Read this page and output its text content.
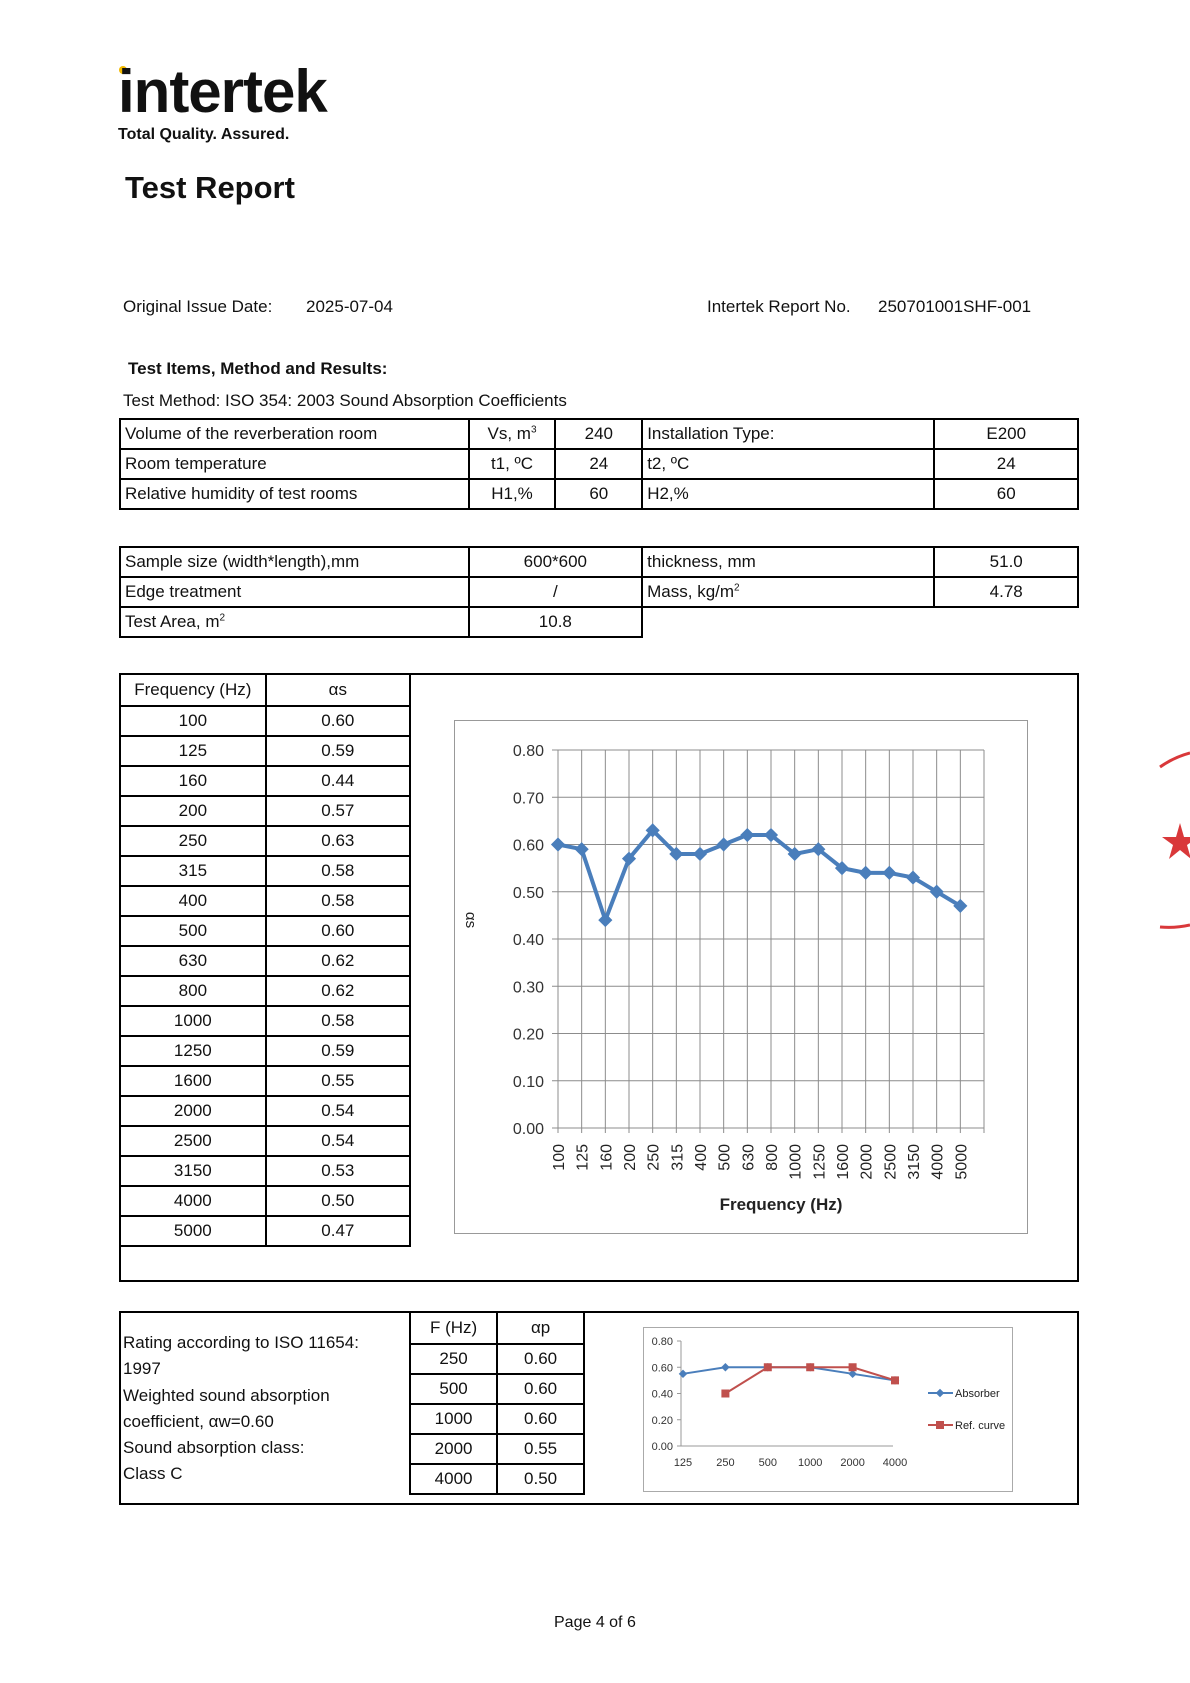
intertek
Total Quality. Assured.
Test Report
Original Issue Date: 2025-07-04	Intertek Report No. 250701001SHF-001
Test Items, Method and Results:
Test Method: ISO 354: 2003 Sound Absorption Coefficients
Volume of the reverberation room	Vs, $m^3$	240	Installation Type:	E200
Room temperature	t1, ºC	24	t2, ºC	24
Relative humidity of test rooms	H1,%	60	H2,%	60
Sample size (width*length),mm	600*600	thickness, mm	51.0
Edge treatment	/	Mass, $kg/m^2$	4.78
Test Area, $m^2$	10.8		
Frequency (Hz)	αs
100	0.60
125	0.59
160	0.44
200	0.57
250	0.63
315	0.58
400	0.58
500	0.60
630	0.62
800	0.62
1000	0.58
1250	0.59
1600	0.55
2000	0.54
2500	0.54
3150	0.53
4000	0.50
5000	0.47
0.00
0.10
0.20
0.30
0.40
0.50
0.60
0.70
0.80
100 125 160 200 250 315 400 500 630 800 1000 1250 1600 2000 2500 3150 4000 5000
Frequency (Hz)
αs
Rating according to ISO 11654:
1997
Weighted sound absorption
coefficient, αw=0.60
Sound absorption class:
Class C
F (Hz)	αp
250	0.60
500	0.60
1000	0.60
2000	0.55
4000	0.50
0.00
0.20
0.40
0.60
0.80
125 250 500 1000 2000 4000
Absorber
Ref. curve
Page 4 of 6
